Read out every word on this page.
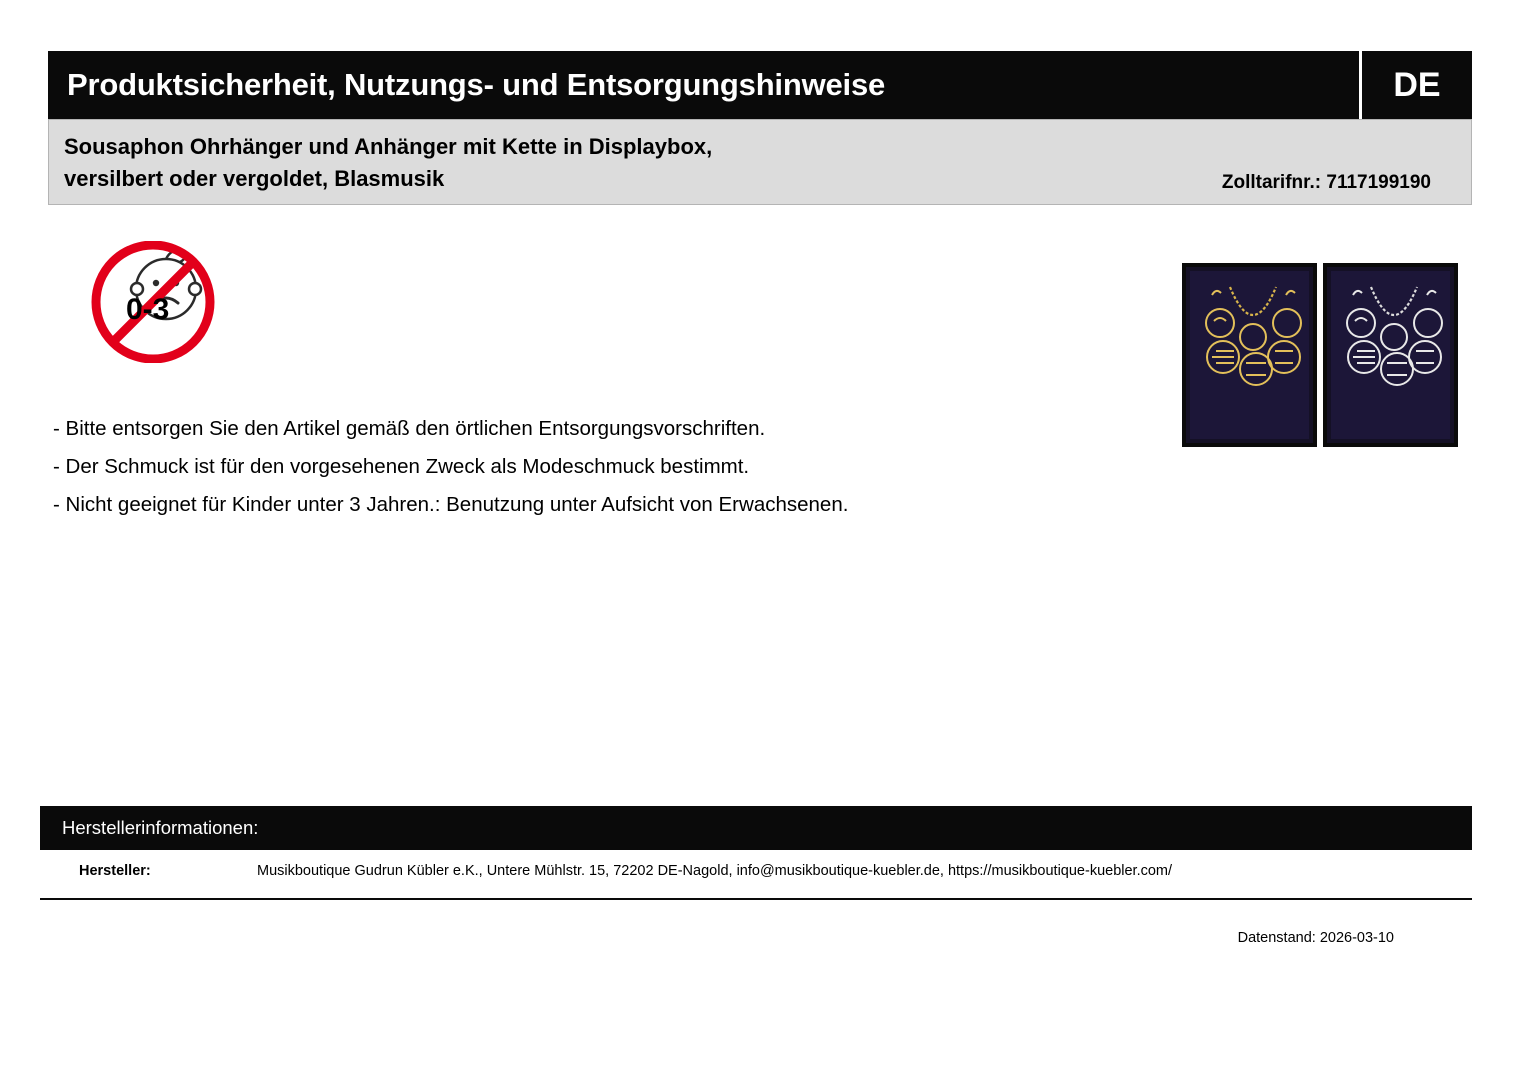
Produktsicherheit, Nutzungs- und Entsorgungshinweise	DE
Sousaphon Ohrhänger und Anhänger mit Kette in Displaybox,
versilbert oder vergoldet, Blasmusik	Zolltarifnr.: 7117199190
0-3

- Bitte entsorgen Sie den Artikel gemäß den örtlichen Entsorgungsvorschriften.

- Der Schmuck ist für den vorgesehenen Zweck als Modeschmuck bestimmt.

- Nicht geeignet für Kinder unter 3 Jahren.: Benutzung unter Aufsicht von Erwachsenen.

Herstellerinformationen:
Hersteller:	Musikboutique Gudrun Kübler e.K., Untere Mühlstr. 15, 72202 DE-Nagold, info@musikboutique-kuebler.de, https://musikboutique-kuebler.com/
Datenstand: 2026-03-10
